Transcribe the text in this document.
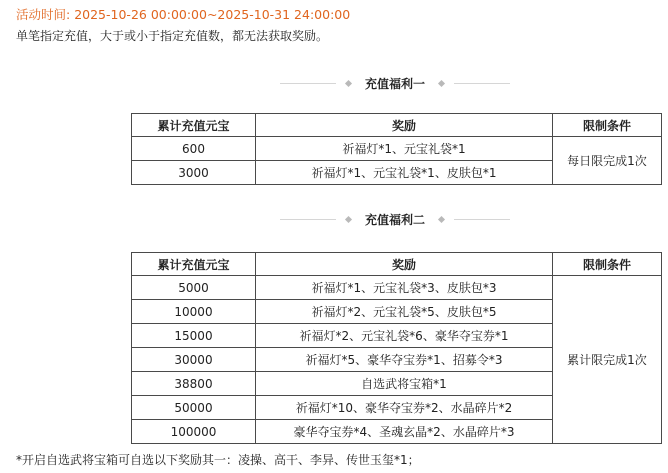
活动时间: 2025-10-26 00:00:00~2025-10-31 24:00:00
单笔指定充值，大于或小于指定充值数，都无法获取奖励。
充值福利一
累计充值元宝	奖励	限制条件
600	祈福灯*1、元宝礼袋*1	每日限完成1次
3000	祈福灯*1、元宝礼袋*1、皮肤包*1	
充值福利二
累计充值元宝	奖励	限制条件
5000	祈福灯*1、元宝礼袋*3、皮肤包*3	累计限完成1次
10000	祈福灯*2、元宝礼袋*5、皮肤包*5	
15000	祈福灯*2、元宝礼袋*6、豪华夺宝券*1	
30000	祈福灯*5、豪华夺宝券*1、招募令*3	
38800	自选武将宝箱*1	
50000	祈福灯*10、豪华夺宝券*2、水晶碎片*2	
100000	豪华夺宝券*4、圣魂玄晶*2、水晶碎片*3	
*开启自选武将宝箱可自选以下奖励其一：凌操、高干、李异、传世玉玺*1；
